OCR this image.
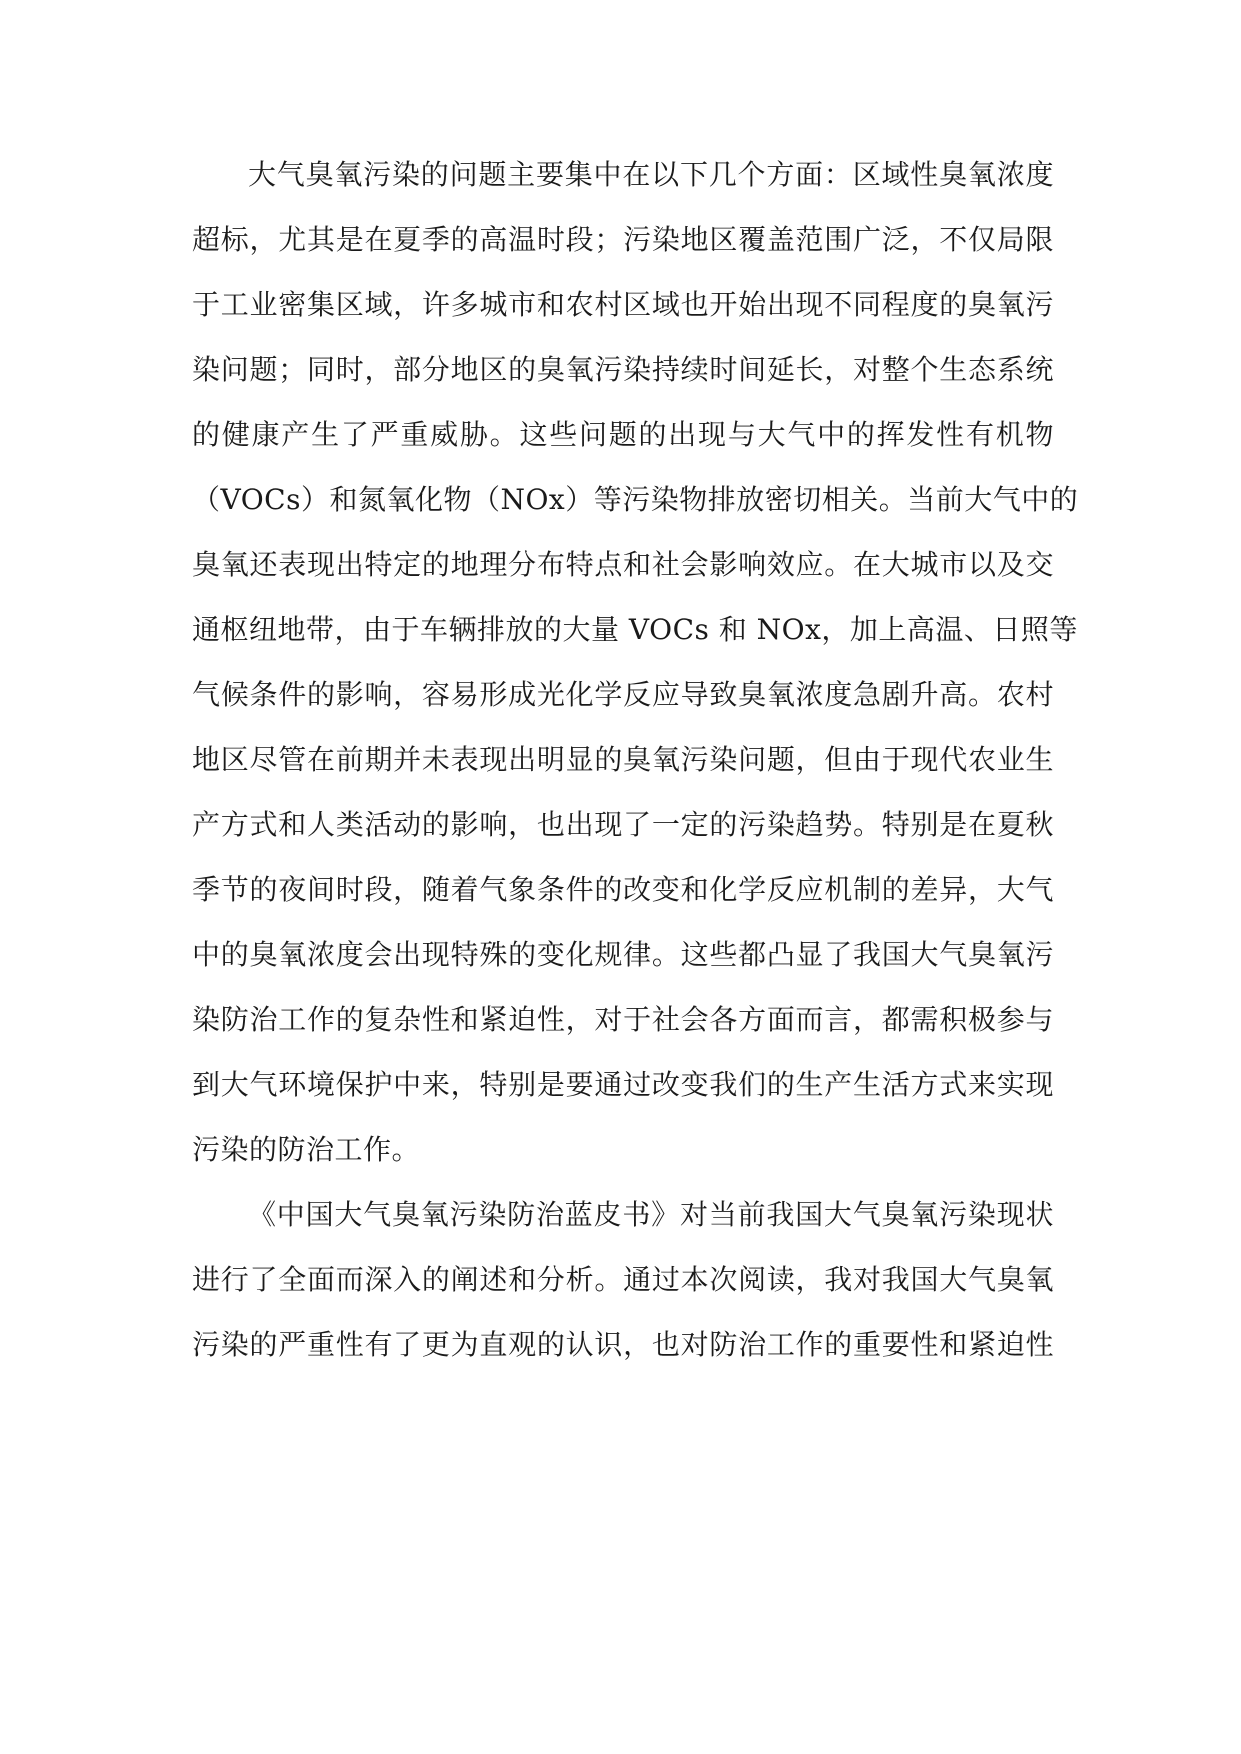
大气臭氧污染的问题主要集中在以下几个方面：区域性臭氧浓度
超标，尤其是在夏季的高温时段；污染地区覆盖范围广泛，不仅局限
于工业密集区域，许多城市和农村区域也开始出现不同程度的臭氧污
染问题；同时，部分地区的臭氧污染持续时间延长，对整个生态系统
的健康产生了严重威胁。这些问题的出现与大气中的挥发性有机物
（VOCs）和氮氧化物（NOx）等污染物排放密切相关。当前大气中的
臭氧还表现出特定的地理分布特点和社会影响效应。在大城市以及交
通枢纽地带，由于车辆排放的大量 VOCs 和 NOx，加上高温、日照等
气候条件的影响，容易形成光化学反应导致臭氧浓度急剧升高。农村
地区尽管在前期并未表现出明显的臭氧污染问题，但由于现代农业生
产方式和人类活动的影响，也出现了一定的污染趋势。特别是在夏秋
季节的夜间时段，随着气象条件的改变和化学反应机制的差异，大气
中的臭氧浓度会出现特殊的变化规律。这些都凸显了我国大气臭氧污
染防治工作的复杂性和紧迫性，对于社会各方面而言，都需积极参与
到大气环境保护中来，特别是要通过改变我们的生产生活方式来实现
污染的防治工作。
《中国大气臭氧污染防治蓝皮书》对当前我国大气臭氧污染现状
进行了全面而深入的阐述和分析。通过本次阅读，我对我国大气臭氧
污染的严重性有了更为直观的认识，也对防治工作的重要性和紧迫性
